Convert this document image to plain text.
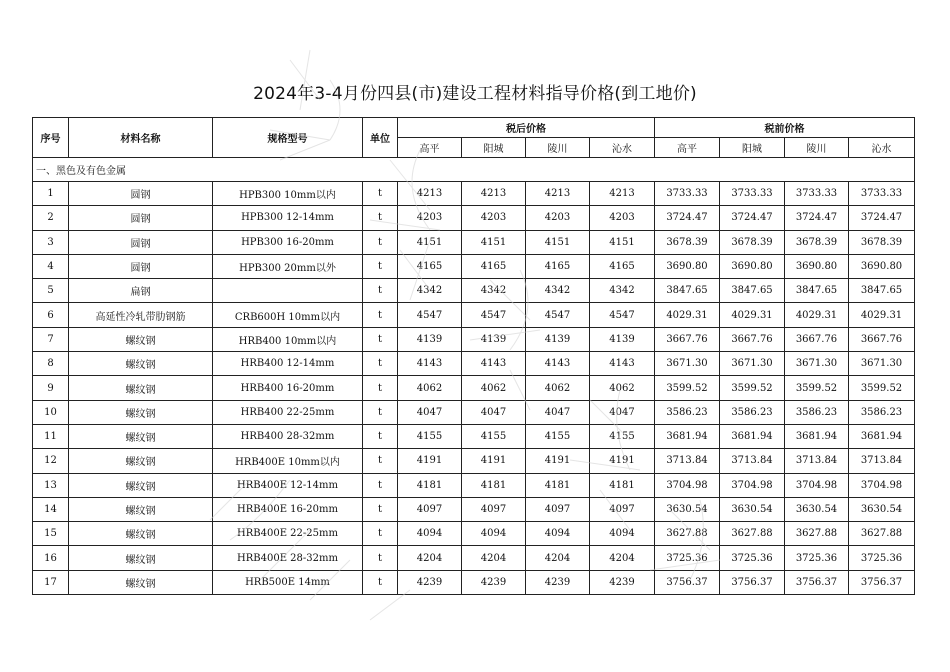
2024年3-4月份四县(市)建设工程材料指导价格(到工地价)
序号	材料名称	规格型号	单位	税后价格				税前价格			
				高平	阳城	陵川	沁水	高平	阳城	陵川	沁水
一、黑色及有色金属											
1	圆钢	HPB300 10mm以内	t	4213	4213	4213	4213	3733.33	3733.33	3733.33	3733.33
2	圆钢	HPB300 12-14mm	t	4203	4203	4203	4203	3724.47	3724.47	3724.47	3724.47
3	圆钢	HPB300 16-20mm	t	4151	4151	4151	4151	3678.39	3678.39	3678.39	3678.39
4	圆钢	HPB300 20mm以外	t	4165	4165	4165	4165	3690.80	3690.80	3690.80	3690.80
5	扁钢		t	4342	4342	4342	4342	3847.65	3847.65	3847.65	3847.65
6	高延性冷轧带肋钢筋	CRB600H 10mm以内	t	4547	4547	4547	4547	4029.31	4029.31	4029.31	4029.31
7	螺纹钢	HRB400 10mm以内	t	4139	4139	4139	4139	3667.76	3667.76	3667.76	3667.76
8	螺纹钢	HRB400 12-14mm	t	4143	4143	4143	4143	3671.30	3671.30	3671.30	3671.30
9	螺纹钢	HRB400 16-20mm	t	4062	4062	4062	4062	3599.52	3599.52	3599.52	3599.52
10	螺纹钢	HRB400 22-25mm	t	4047	4047	4047	4047	3586.23	3586.23	3586.23	3586.23
11	螺纹钢	HRB400 28-32mm	t	4155	4155	4155	4155	3681.94	3681.94	3681.94	3681.94
12	螺纹钢	HRB400E 10mm以内	t	4191	4191	4191	4191	3713.84	3713.84	3713.84	3713.84
13	螺纹钢	HRB400E 12-14mm	t	4181	4181	4181	4181	3704.98	3704.98	3704.98	3704.98
14	螺纹钢	HRB400E 16-20mm	t	4097	4097	4097	4097	3630.54	3630.54	3630.54	3630.54
15	螺纹钢	HRB400E 22-25mm	t	4094	4094	4094	4094	3627.88	3627.88	3627.88	3627.88
16	螺纹钢	HRB400E 28-32mm	t	4204	4204	4204	4204	3725.36	3725.36	3725.36	3725.36
17	螺纹钢	HRB500E 14mm	t	4239	4239	4239	4239	3756.37	3756.37	3756.37	3756.37
